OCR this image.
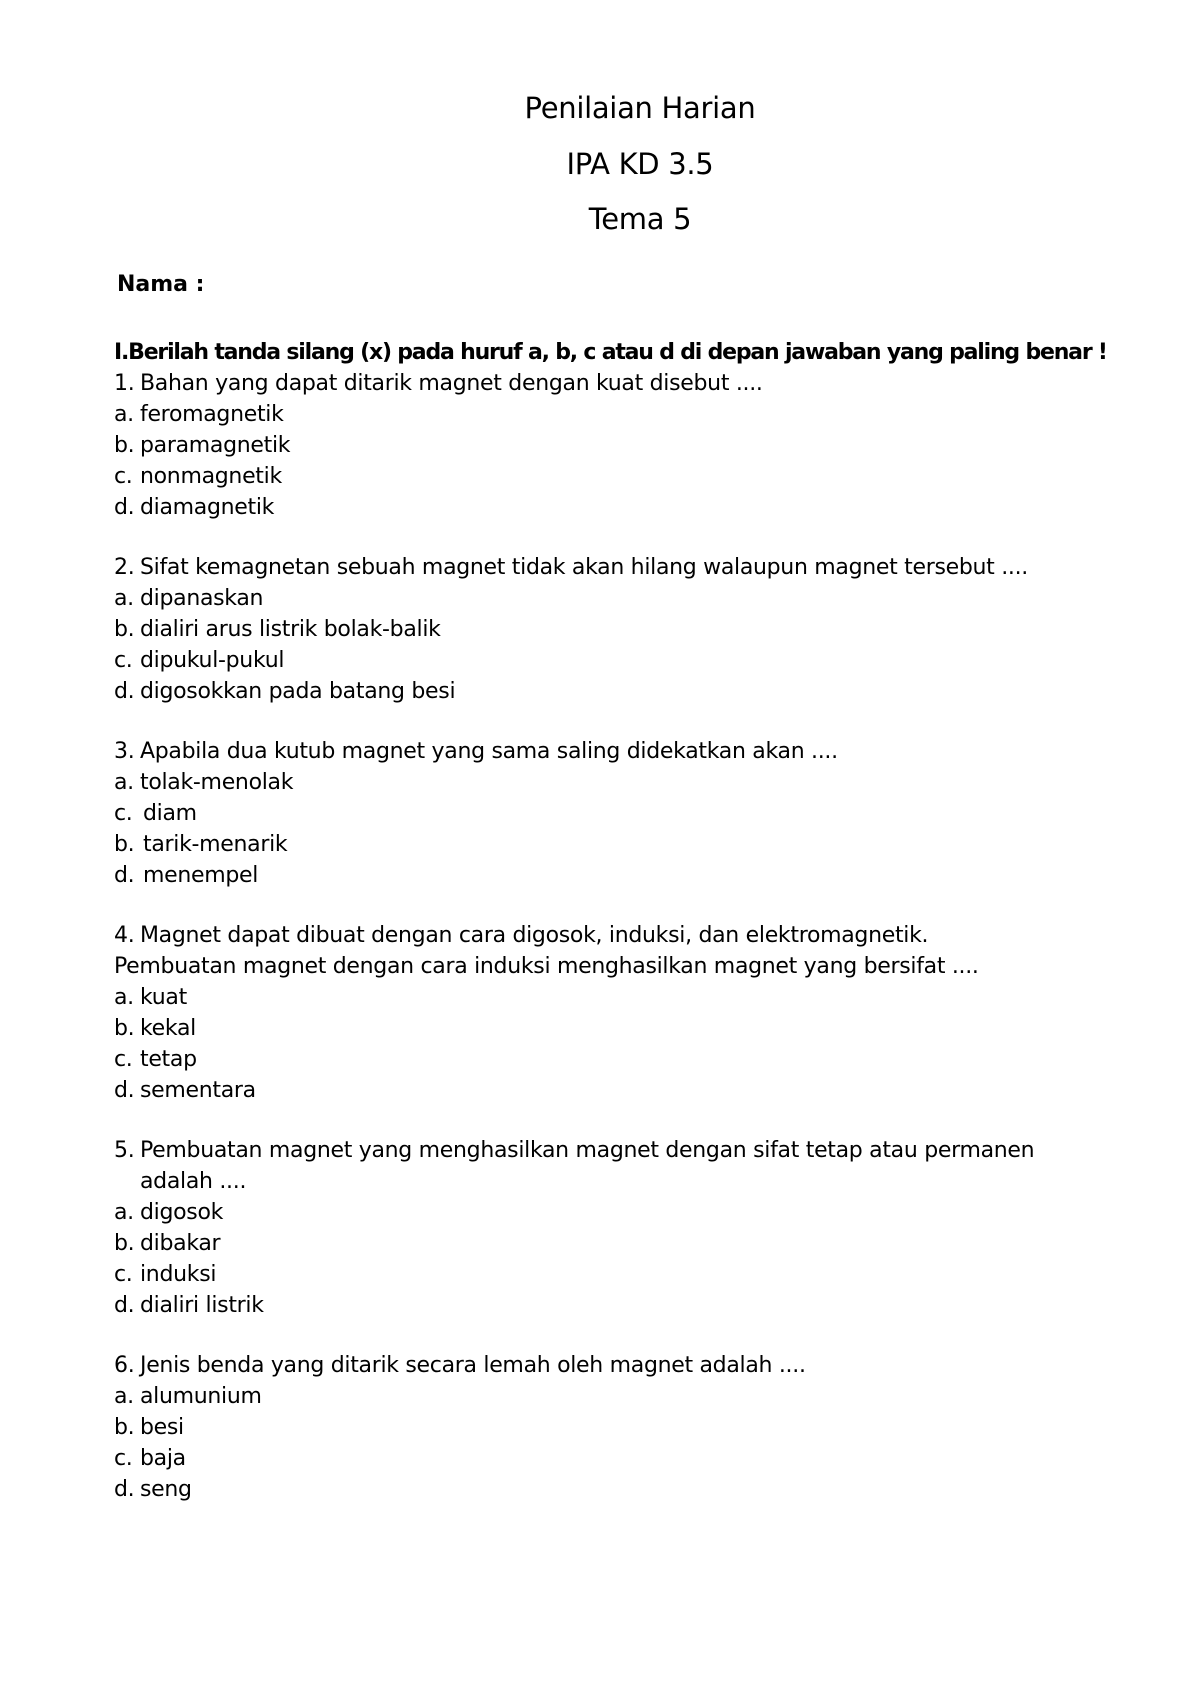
Penilaian Harian
IPA KD 3.5
Tema 5
Nama :
I.Berilah tanda silang (x) pada huruf a, b, c atau d di depan jawaban yang paling benar !
1. Bahan yang dapat ditarik magnet dengan kuat disebut ....
a. feromagnetik
b. paramagnetik
c. nonmagnetik
d. diamagnetik
2. Sifat kemagnetan sebuah magnet tidak akan hilang walaupun magnet tersebut ....
a. dipanaskan
b. dialiri arus listrik bolak-balik
c. dipukul-pukul
d. digosokkan pada batang besi
3. Apabila dua kutub magnet yang sama saling didekatkan akan ....
a. tolak-menolak
c. diam
b. tarik-menarik
d. menempel
4. Magnet dapat dibuat dengan cara digosok, induksi, dan elektromagnetik.
Pembuatan magnet dengan cara induksi menghasilkan magnet yang bersifat ....
a. kuat
b. kekal
c. tetap
d. sementara
5. Pembuatan magnet yang menghasilkan magnet dengan sifat tetap atau permanen
adalah ....
a. digosok
b. dibakar
c. induksi
d. dialiri listrik
6. Jenis benda yang ditarik secara lemah oleh magnet adalah ....
a. alumunium
b. besi
c. baja
d. seng
